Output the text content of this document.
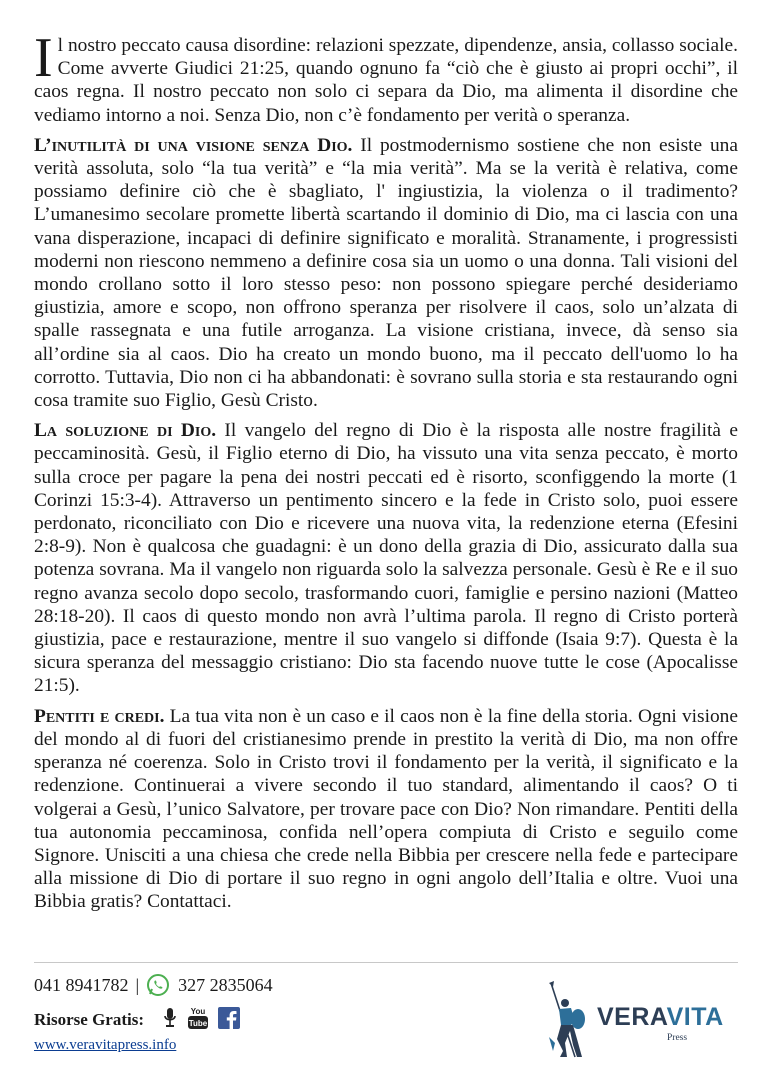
Il nostro peccato causa disordine: relazioni spezzate, dipendenze, ansia, collasso sociale. Come avverte Giudici 21:25, quando ognuno fa “ciò che è giusto ai propri occhi”, il caos regna. Il nostro peccato non solo ci separa da Dio, ma alimenta il disordine che vediamo intorno a noi. Senza Dio, non c’è fondamento per verità o speranza.

L’inutilità di una visione senza Dio. Il postmodernismo sostiene che non esiste una verità assoluta, solo “la tua verità” e “la mia verità”. Ma se la verità è relativa, come possiamo definire ciò che è sbagliato, l' ingiustizia, la violenza o il tradimento? L’umanesimo secolare promette libertà scartando il dominio di Dio, ma ci lascia con una vana disperazione, incapaci di definire significato e moralità. Stranamente, i progressisti moderni non riescono nemmeno a definire cosa sia un uomo o una donna. Tali visioni del mondo crollano sotto il loro stesso peso: non possono spiegare perché desideriamo giustizia, amore e scopo, non offrono speranza per risolvere il caos, solo un’alzata di spalle rassegnata e una futile arroganza. La visione cristiana, invece, dà senso sia all’ordine sia al caos. Dio ha creato un mondo buono, ma il peccato dell'uomo lo ha corrotto. Tuttavia, Dio non ci ha abbandonati: è sovrano sulla storia e sta restaurando ogni cosa tramite suo Figlio, Gesù Cristo.

La soluzione di Dio. Il vangelo del regno di Dio è la risposta alle nostre fragilità e peccaminosità. Gesù, il Figlio eterno di Dio, ha vissuto una vita senza peccato, è morto sulla croce per pagare la pena dei nostri peccati ed è risorto, sconfiggendo la morte (1 Corinzi 15:3-4). Attraverso un pentimento sincero e la fede in Cristo solo, puoi essere perdonato, riconciliato con Dio e ricevere una nuova vita, la redenzione eterna (Efesini 2:8-9). Non è qualcosa che guadagni: è un dono della grazia di Dio, assicurato dalla sua potenza sovrana. Ma il vangelo non riguarda solo la salvezza personale. Gesù è Re e il suo regno avanza secolo dopo secolo, trasformando cuori, famiglie e persino nazioni (Matteo 28:18-20). Il caos di questo mondo non avrà l’ultima parola. Il regno di Cristo porterà giustizia, pace e restaurazione, mentre il suo vangelo si diffonde (Isaia 9:7). Questa è la sicura speranza del messaggio cristiano: Dio sta facendo nuove tutte le cose (Apocalisse 21:5).

Pentiti e credi. La tua vita non è un caso e il caos non è la fine della storia. Ogni visione del mondo al di fuori del cristianesimo prende in prestito la verità di Dio, ma non offre speranza né coerenza. Solo in Cristo trovi il fondamento per la verità, il significato e la redenzione. Continuerai a vivere secondo il tuo standard, alimentando il caos? O ti volgerai a Gesù, l’unico Salvatore, per trovare pace con Dio? Non rimandare. Pentiti della tua autonomia peccaminosa, confida nell’opera compiuta di Cristo e seguilo come Signore. Unisciti a una chiesa che crede nella Bibbia per crescere nella fede e partecipare alla missione di Dio di portare il suo regno in ogni angolo dell’Italia e oltre. Vuoi una Bibbia gratis? Contattaci.

041 8941782 | 327 2835064
Risorse Gratis:	You
Tube
www.veravitapress.info
VERAVITA
Press
